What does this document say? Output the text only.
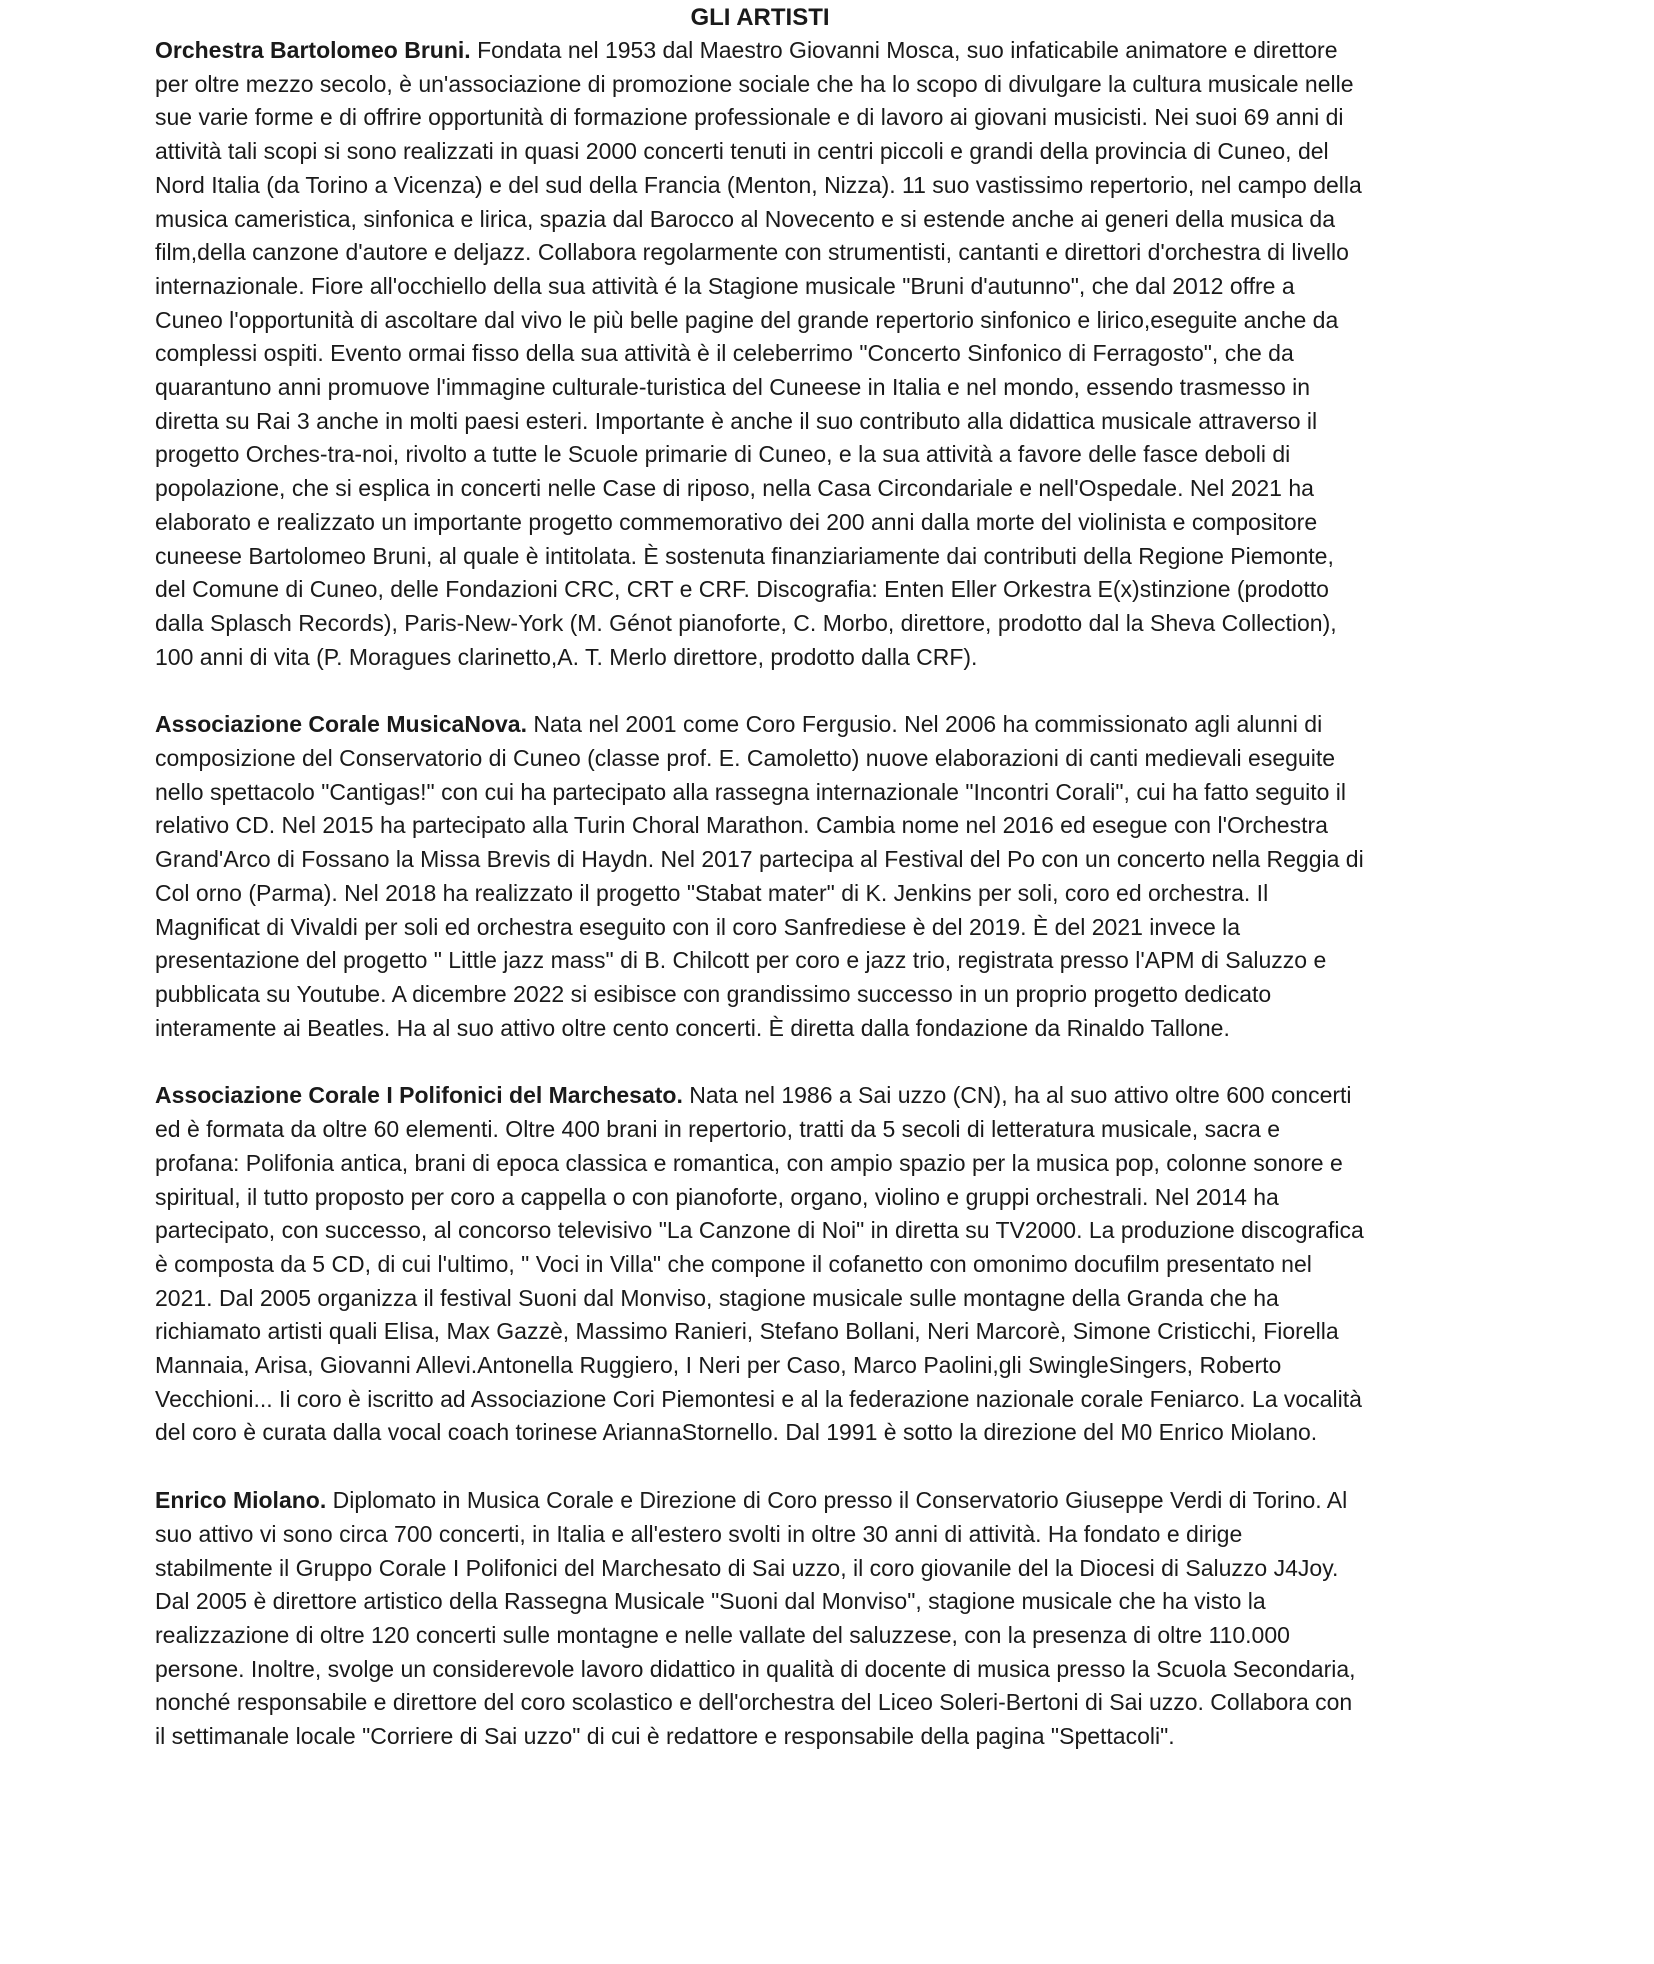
GLI ARTISTI

Orchestra Bartolomeo Bruni. Fondata nel 1953 dal Maestro Giovanni Mosca, suo infaticabile animatore e direttore per oltre mezzo secolo, è un'associazione di promozione sociale che ha lo scopo di divulgare la cultura musicale nelle sue varie forme e di offrire opportunità di formazione professionale e di lavoro ai giovani musicisti. Nei suoi 69 anni di attività tali scopi si sono realizzati in quasi 2000 concerti tenuti in centri piccoli e grandi della provincia di Cuneo, del Nord Italia (da Torino a Vicenza) e del sud della Francia (Menton, Nizza). 11 suo vastissimo repertorio, nel campo della musica cameristica, sinfonica e lirica, spazia dal Barocco al Novecento e si estende anche ai generi della musica da film,della canzone d'autore e deljazz. Collabora regolarmente con strumentisti, cantanti e direttori d'orchestra di livello internazionale. Fiore all'occhiello della sua attività é la Stagione musicale "Bruni d'autunno", che dal 2012 offre a Cuneo l'opportunità di ascoltare dal vivo le più belle pagine del grande repertorio sinfonico e lirico,eseguite anche da complessi ospiti. Evento ormai fisso della sua attività è il celeberrimo "Concerto Sinfonico di Ferragosto", che da quarantuno anni promuove l'immagine culturale-turistica del Cuneese in Italia e nel mondo, essendo trasmesso in diretta su Rai 3 anche in molti paesi esteri. Importante è anche il suo contributo alla didattica musicale attraverso il progetto Orches-tra-noi, rivolto a tutte le Scuole primarie di Cuneo, e la sua attività a favore delle fasce deboli di popolazione, che si esplica in concerti nelle Case di riposo, nella Casa Circondariale e nell'Ospedale. Nel 2021 ha elaborato e realizzato un importante progetto commemorativo dei 200 anni dalla morte del violinista e compositore cuneese Bartolomeo Bruni, al quale è intitolata. È sostenuta finanziariamente dai contributi della Regione Piemonte, del Comune di Cuneo, delle Fondazioni CRC, CRT e CRF. Discografia: Enten Eller Orkestra E(x)stinzione (prodotto dalla Splasch Records), Paris-New-York (M. Génot pianoforte, C. Morbo, direttore, prodotto dal la Sheva Collection), 100 anni di vita (P. Moragues clarinetto,A. T. Merlo direttore, prodotto dalla CRF).

Associazione Corale MusicaNova. Nata nel 2001 come Coro Fergusio. Nel 2006 ha commissionato agli alunni di composizione del Conservatorio di Cuneo (classe prof. E. Camoletto) nuove elaborazioni di canti medievali eseguite nello spettacolo "Cantigas!" con cui ha partecipato alla rassegna internazionale "Incontri Corali", cui ha fatto seguito il relativo CD. Nel 2015 ha partecipato alla Turin Choral Marathon. Cambia nome nel 2016 ed esegue con l'Orchestra Grand'Arco di Fossano la Missa Brevis di Haydn. Nel 2017 partecipa al Festival del Po con un concerto nella Reggia di Col orno (Parma). Nel 2018 ha realizzato il progetto "Stabat mater" di K. Jenkins per soli, coro ed orchestra. Il Magnificat di Vivaldi per soli ed orchestra eseguito con il coro Sanfrediese è del 2019. È del 2021 invece la presentazione del progetto " Little jazz mass" di B. Chilcott per coro e jazz trio, registrata presso l'APM di Saluzzo e pubblicata su Youtube. A dicembre 2022 si esibisce con grandissimo successo in un proprio progetto dedicato interamente ai Beatles. Ha al suo attivo oltre cento concerti. È diretta dalla fondazione da Rinaldo Tallone.

Associazione Corale I Polifonici del Marchesato. Nata nel 1986 a Sai uzzo (CN), ha al suo attivo oltre 600 concerti ed è formata da oltre 60 elementi. Oltre 400 brani in repertorio, tratti da 5 secoli di letteratura musicale, sacra e profana: Polifonia antica, brani di epoca classica e romantica, con ampio spazio per la musica pop, colonne sonore e spiritual, il tutto proposto per coro a cappella o con pianoforte, organo, violino e gruppi orchestrali. Nel 2014 ha partecipato, con successo, al concorso televisivo "La Canzone di Noi" in diretta su TV2000. La produzione discografica è composta da 5 CD, di cui l'ultimo, " Voci in Villa" che compone il cofanetto con omonimo docufilm presentato nel 2021. Dal 2005 organizza il festival Suoni dal Monviso, stagione musicale sulle montagne della Granda che ha richiamato artisti quali Elisa, Max Gazzè, Massimo Ranieri, Stefano Bollani, Neri Marcorè, Simone Cristicchi, Fiorella Mannaia, Arisa, Giovanni Allevi.Antonella Ruggiero, I Neri per Caso, Marco Paolini,gli SwingleSingers, Roberto Vecchioni... Ii coro è iscritto ad Associazione Cori Piemontesi e al la federazione nazionale corale Feniarco. La vocalità del coro è curata dalla vocal coach torinese AriannaStornello. Dal 1991 è sotto la direzione del M0 Enrico Miolano.

Enrico Miolano. Diplomato in Musica Corale e Direzione di Coro presso il Conservatorio Giuseppe Verdi di Torino. Al suo attivo vi sono circa 700 concerti, in Italia e all'estero svolti in oltre 30 anni di attività. Ha fondato e dirige stabilmente il Gruppo Corale I Polifonici del Marchesato di Sai uzzo, il coro giovanile del la Diocesi di Saluzzo J4Joy. Dal 2005 è direttore artistico della Rassegna Musicale "Suoni dal Monviso", stagione musicale che ha visto la realizzazione di oltre 120 concerti sulle montagne e nelle vallate del saluzzese, con la presenza di oltre 110.000 persone. Inoltre, svolge un considerevole lavoro didattico in qualità di docente di musica presso la Scuola Secondaria, nonché responsabile e direttore del coro scolastico e dell'orchestra del Liceo Soleri-Bertoni di Sai uzzo. Collabora con il settimanale locale "Corriere di Sai uzzo" di cui è redattore e responsabile della pagina "Spettacoli".
